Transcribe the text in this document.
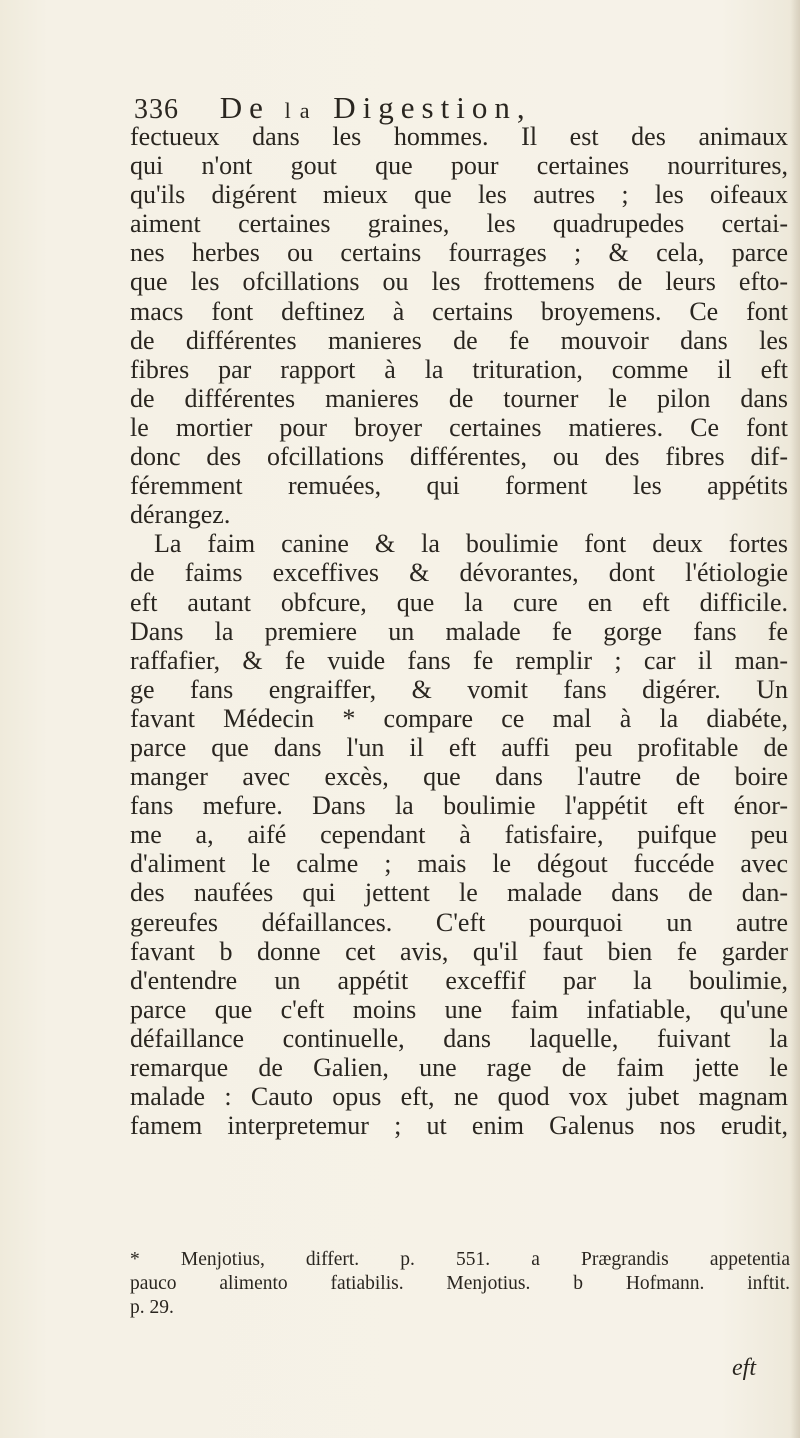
336 De la Digestion,
fectueux dans les hommes. Il est des animaux
qui n'ont gout que pour certaines nourritures,
qu'ils digérent mieux que les autres ; les oifeaux
aiment certaines graines, les quadrupedes certai-
nes herbes ou certains fourrages ; & cela, parce
que les ofcillations ou les frottemens de leurs efto-
macs font deftinez à certains broyemens. Ce font
de différentes manieres de fe mouvoir dans les
fibres par rapport à la trituration, comme il eft
de différentes manieres de tourner le pilon dans
le mortier pour broyer certaines matieres. Ce font
donc des ofcillations différentes, ou des fibres dif-
féremment remuées, qui forment les appétits
dérangez.
La faim canine & la boulimie font deux fortes
de faims exceffives & dévorantes, dont l'étiologie
eft autant obfcure, que la cure en eft difficile.
Dans la premiere un malade fe gorge fans fe
raffafier, & fe vuide fans fe remplir ; car il man-
ge fans engraiffer, & vomit fans digérer. Un
favant Médecin * compare ce mal à la diabéte,
parce que dans l'un il eft auffi peu profitable de
manger avec excès, que dans l'autre de boire
fans mefure. Dans la boulimie l'appétit eft énor-
me a, aifé cependant à fatisfaire, puifque peu
d'aliment le calme ; mais le dégout fuccéde avec
des naufées qui jettent le malade dans de dan-
gereufes défaillances. C'eft pourquoi un autre
favant b donne cet avis, qu'il faut bien fe garder
d'entendre un appétit exceffif par la boulimie,
parce que c'eft moins une faim infatiable, qu'une
défaillance continuelle, dans laquelle, fuivant la
remarque de Galien, une rage de faim jette le
malade : Cauto opus eft, ne quod vox jubet magnam
famem interpretemur ; ut enim Galenus nos erudit,
* Menjotius, differt. p. 551. a Prægrandis appetentia
pauco alimento fatiabilis. Menjotius. b Hofmann. inftit.
p. 29.
eft
